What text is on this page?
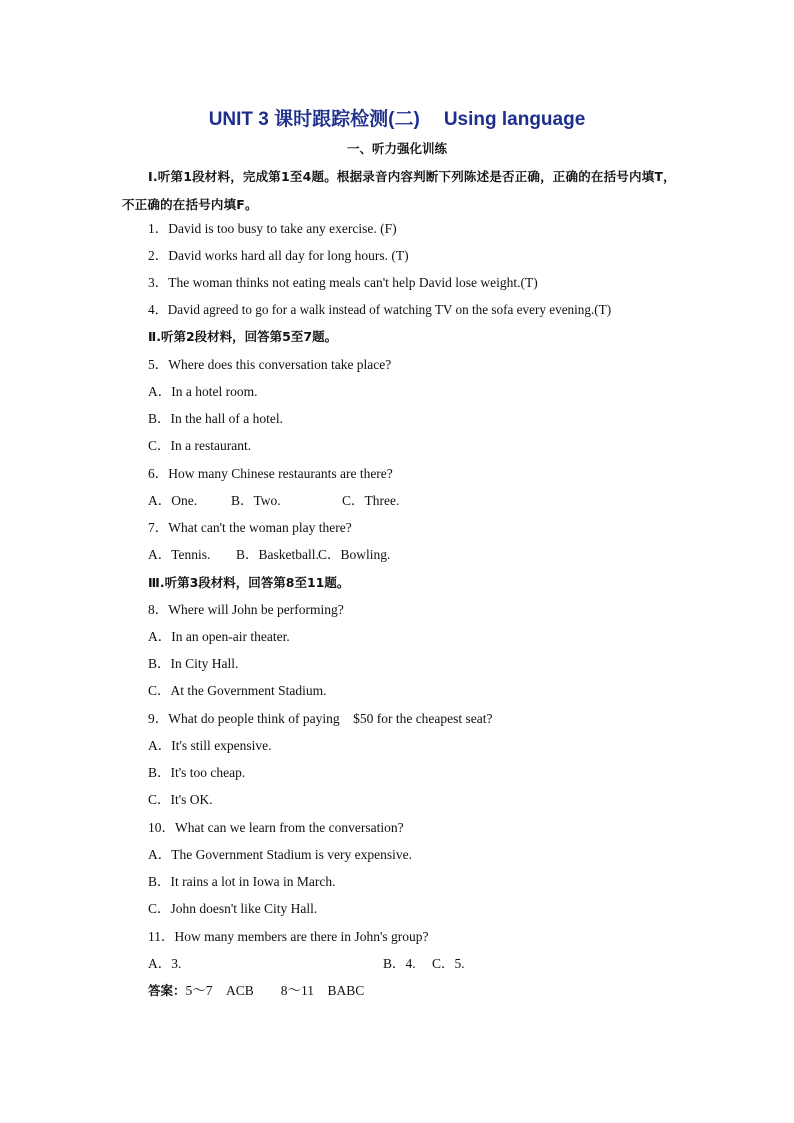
UNIT 3 课时跟踪检测(二) Using language
一、听力强化训练
Ⅰ.听第1段材料，完成第1至4题。根据录音内容判断下列陈述是否正确，正确的在括号内填T，不正确的在括号内填F。
1．David is too busy to take any exercise. (F)
2．David works hard all day for long hours. (T)
3．The woman thinks not eating meals can't help David lose weight.(T)
4．David agreed to go for a walk instead of watching TV on the sofa every evening.(T)
Ⅱ.听第2段材料，回答第5至7题。
5．Where does this conversation take place?
A．In a hotel room.
B．In the hall of a hotel.
C．In a restaurant.
6．How many Chinese restaurants are there?
A．One.	B．Two.	C．Three.
7．What can't the woman play there?
A．Tennis. B．Basketball.C．Bowling.
Ⅲ.听第3段材料，回答第8至11题。
8．Where will John be performing?
A．In an open-air theater.
B．In City Hall.
C．At the Government Stadium.
9．What do people think of paying　$50 for the cheapest seat?
A．It's still expensive.
B．It's too cheap.
C．It's OK.
10．What can we learn from the conversation?
A．The Government Stadium is very expensive.
B．It rains a lot in Iowa in March.
C．John doesn't like City Hall.
11．How many members are there in John's group?
A．3.	B．4. C．5.
答案：5～7　ACB　　8～11　BABC
